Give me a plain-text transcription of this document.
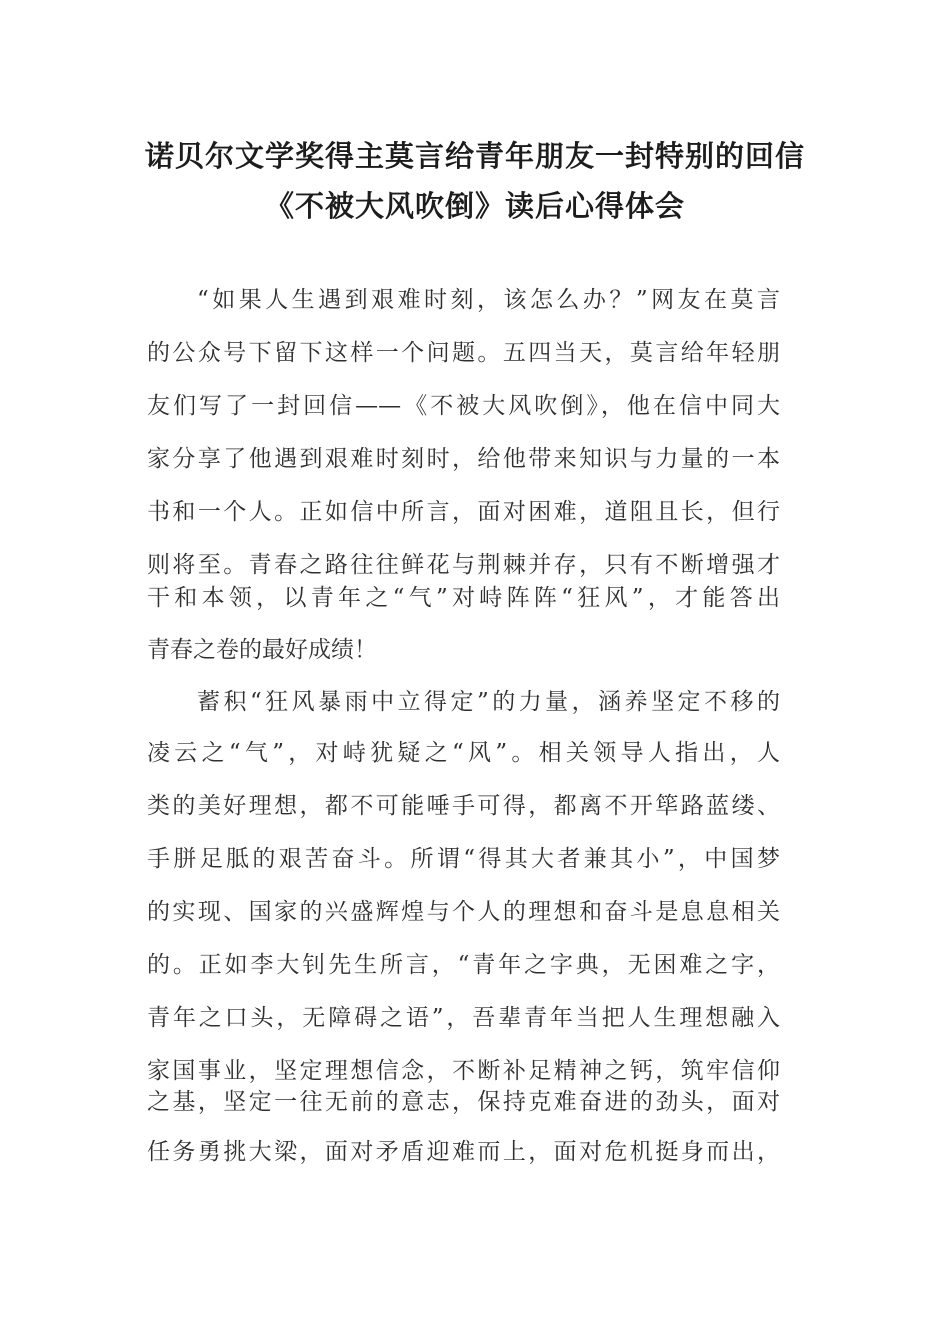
诺贝尔文学奖得主莫言给青年朋友一封特别的回信
《不被大风吹倒》读后心得体会
“如果人生遇到艰难时刻，该怎么办？”网友在莫言
的公众号下留下这样一个问题。五四当天，莫言给年轻朋
友们写了一封回信——《不被大风吹倒》，他在信中同大
家分享了他遇到艰难时刻时，给他带来知识与力量的一本
书和一个人。正如信中所言，面对困难，道阻且长，但行
则将至。青春之路往往鲜花与荆棘并存，只有不断增强才
干和本领，以青年之“气”对峙阵阵“狂风”，才能答出
青春之卷的最好成绩！
蓄积“狂风暴雨中立得定”的力量，涵养坚定不移的
凌云之“气”，对峙犹疑之“风”。相关领导人指出，人
类的美好理想，都不可能唾手可得，都离不开筚路蓝缕、
手胼足胝的艰苦奋斗。所谓“得其大者兼其小”，中国梦
的实现、国家的兴盛辉煌与个人的理想和奋斗是息息相关
的。正如李大钊先生所言，“青年之字典，无困难之字，
青年之口头，无障碍之语”，吾辈青年当把人生理想融入
家国事业，坚定理想信念，不断补足精神之钙，筑牢信仰
之基，坚定一往无前的意志，保持克难奋进的劲头，面对
任务勇挑大梁，面对矛盾迎难而上，面对危机挺身而出，
